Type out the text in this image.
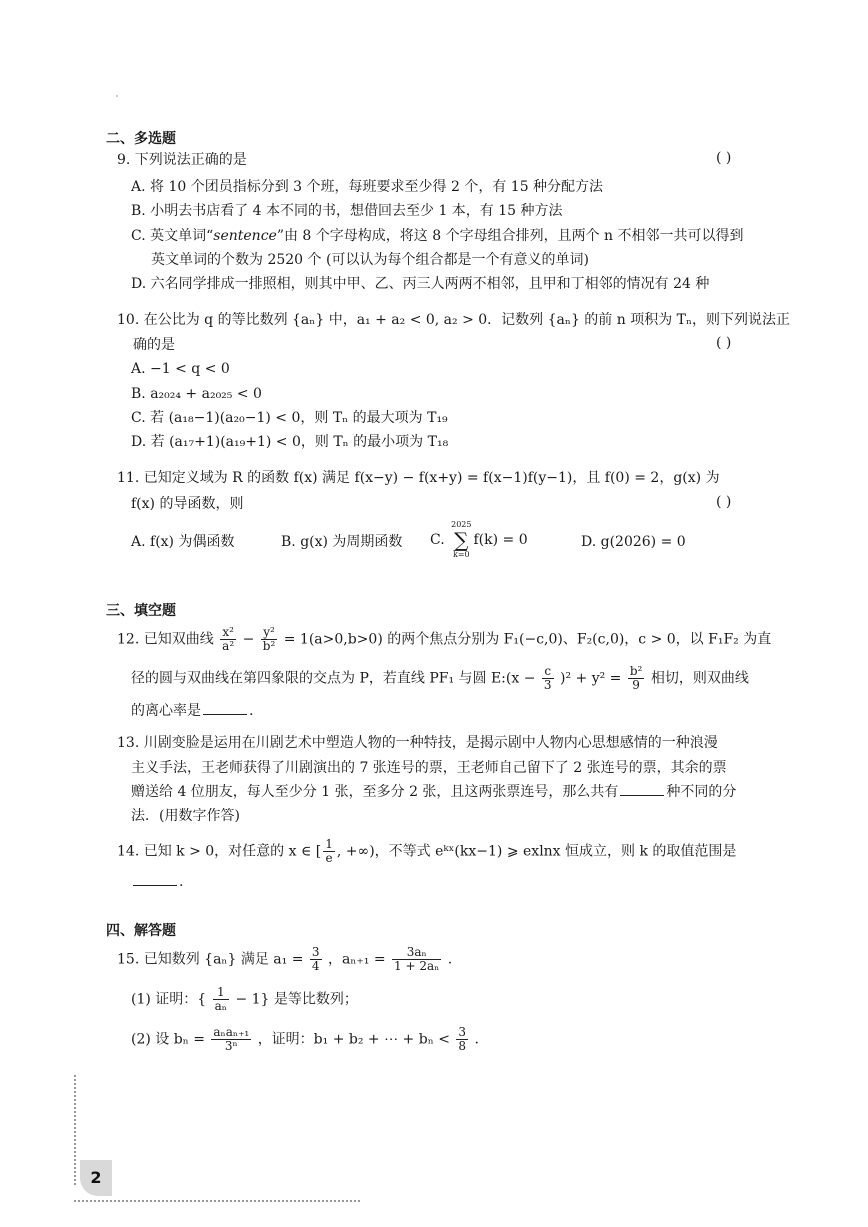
二、多选题
9. 下列说法正确的是	( )
A. 将 10 个团员指标分到 3 个班，每班要求至少得 2 个，有 15 种分配方法
B. 小明去书店看了 4 本不同的书，想借回去至少 1 本，有 15 种方法
C. 英文单词“sentence”由 8 个字母构成，将这 8 个字母组合排列，且两个 n 不相邻一共可以得到
英文单词的个数为 2520 个 (可以认为每个组合都是一个有意义的单词)
D. 六名同学排成一排照相，则其中甲、乙、丙三人两两不相邻，且甲和丁相邻的情况有 24 种
10. 在公比为 q 的等比数列 {aₙ} 中，a₁ + a₂ < 0, a₂ > 0．记数列 {aₙ} 的前 n 项积为 Tₙ，则下列说法正
确的是	( )
A. −1 < q < 0
B. a₂₀₂₄ + a₂₀₂₅ < 0
C. 若 (a₁₈−1)(a₂₀−1) < 0，则 Tₙ 的最大项为 T₁₉
D. 若 (a₁₇+1)(a₁₉+1) < 0，则 Tₙ 的最小项为 T₁₈
11. 已知定义域为 R 的函数 f(x) 满足 f(x−y) − f(x+y) = f(x−1)f(y−1)，且 f(0) = 2，g(x) 为
f(x) 的导函数，则	( )
A. f(x) 为偶函数	B. g(x) 为周期函数 C.
2025
∑
k=0
f(k) = 0	D. g(2026) = 0
三、填空题
12. 已知双曲线 $\frac{\text{x²}}{\text{a²}} - \frac{\text{y²}}{\text{b²}} = 1(a>0,b>0)$ 的两个焦点分别为 F₁(−c,0)、F₂(c,0)，c > 0，以 F₁F₂ 为直
径的圆与双曲线在第四象限的交点为 P，若直线 PF₁ 与圆 E:(x − $\frac{c}{3} )^2 + y^2 = \frac{\text{b²}}{9}$ 相切，则双曲线
的离心率是	.
13. 川剧变脸是运用在川剧艺术中塑造人物的一种特技，是揭示剧中人物内心思想感情的一种浪漫
主义手法，王老师获得了川剧演出的 7 张连号的票，王老师自己留下了 2 张连号的票，其余的票
赠送给 4 位朋友，每人至少分 1 张，至多分 2 张，且这两张票连号，那么共有	种不同的分
法．(用数字作答)
14. 已知 k > 0，对任意的 x ∈ [ $\frac{1}{e}$ , +∞)，不等式 eᵏˣ(kx−1) ⩾ exlnx 恒成立，则 k 的取值范围是
.
四、解答题
15. 已知数列 {aₙ} 满足 $a_1 = \frac{3}{4}$ ，$a_{n+1} = \frac{\text{3aₙ}}{\text{1 + 2aₙ}}$ .
(1) 证明：{ $\frac{1}{\text{aₙ}} - 1$} 是等比数列；
(2) 设 $b_n = \frac{\text{aₙaₙ₊₁}}{\text{3ⁿ}}$ ，证明：b₁ + b₂ + ⋯ + $b_n < \frac{3}{8}$ .
2
